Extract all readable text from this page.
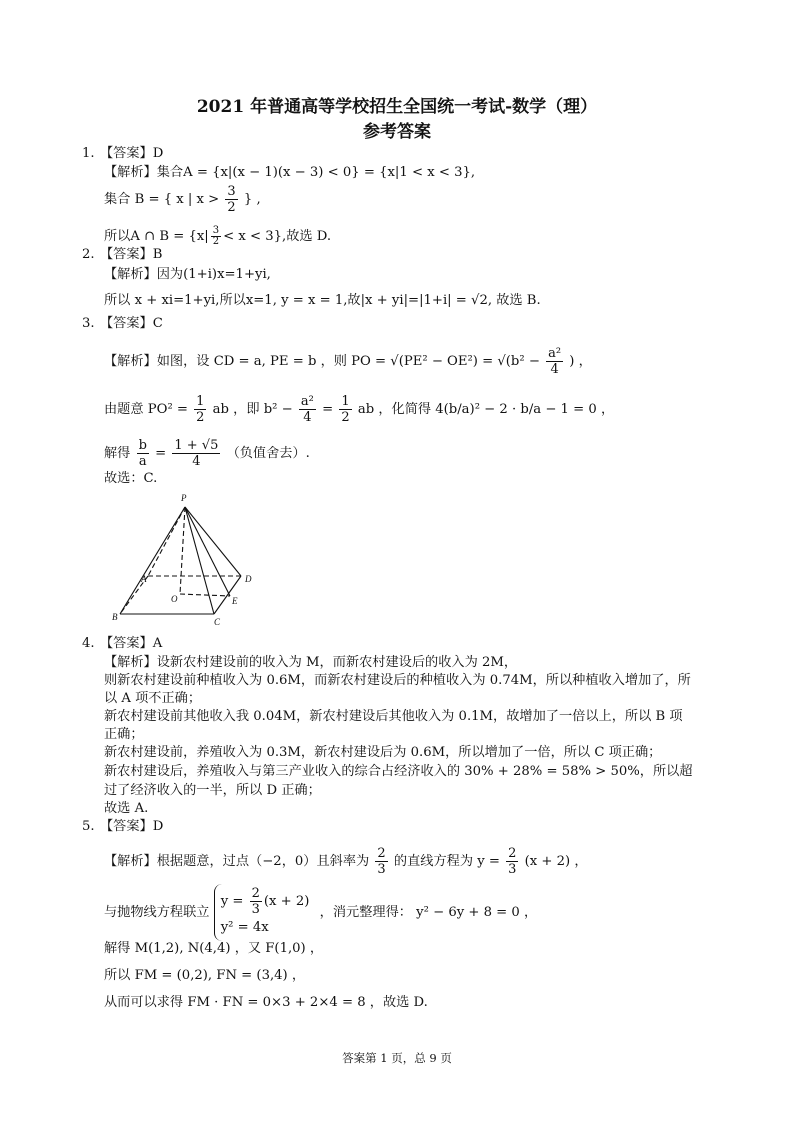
2021 年普通高等学校招生全国统一考试-数学（理）
参考答案
1. 【答案】D
【解析】集合A = {x|(x − 1)(x − 3) < 0} = {x|1 < x < 3},
集合 B = { x | $x > \frac{3}{2}$ } ,
所以A ∩ $B = \{x| \frac{3}{2} < x < 3\}$,故选 D.
2. 【答案】B
【解析】因为(1+i)x=1+yi,
所以 x + xi=1+yi,所以x=1, y = x = 1,故|x + yi|=|1+i| = √2, 故选 B.
3. 【答案】C
【解析】如图，设 CD = a, PE = b ，则 PO = $√(PE^2 - OE^2) = √(b^2 - \frac{\text{a²}}{4}$ ) ，
由题意 $PO^2 = \frac{1}{2}$ ab ，即 $b^2 - \frac{\text{a²}}{4} = \frac{1}{2}$ ab ，化简得 4(b/a)² − 2 · b/a − 1 = 0 ，
解得 $\frac{b}{a} = \frac{1 + √5}{4}$ （负值舍去）.
故选：C.
P
A	D
O	E
B	C
4. 【答案】A
【解析】设新农村建设前的收入为 M，而新农村建设后的收入为 2M，
则新农村建设前种植收入为 0.6M，而新农村建设后的种植收入为 0.74M，所以种植收入增加了，所
以 A 项不正确；
新农村建设前其他收入我 0.04M，新农村建设后其他收入为 0.1M，故增加了一倍以上，所以 B 项
正确；
新农村建设前，养殖收入为 0.3M，新农村建设后为 0.6M，所以增加了一倍，所以 C 项正确；
新农村建设后，养殖收入与第三产业收入的综合占经济收入的 30% + 28% = 58% > 50%，所以超
过了经济收入的一半，所以 D 正确；
故选 A.
5. 【答案】D
【解析】根据题意，过点（−2，0）且斜率为 $\frac{2}{3}$ 的直线方程为 $y = \frac{2}{3} (x + 2)$ ，
与抛物线方程联立
$y = \frac{2}{3} (x + 2)$
y² = 4x
，消元整理得： y² − 6y + 8 = 0 ，
解得 M(1,2), N(4,4) ，又 F(1,0) ，
所以 FM = (0,2), FN = (3,4) ，
从而可以求得 FM · FN = 0×3 + 2×4 = 8 ，故选 D.
答案第 1 页，总 9 页
